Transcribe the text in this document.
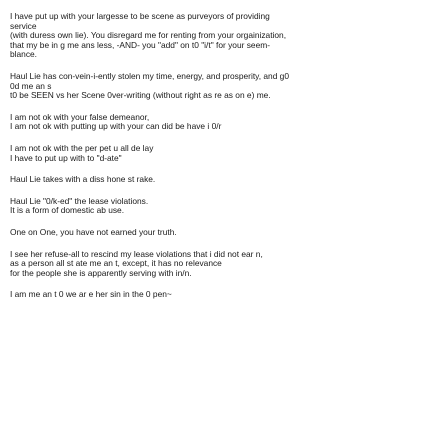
I have put up with your largesse to be scene as purveyors of providing
service
(with duress own lie). You disregard me for renting from your orgainization,
that my be in g me ans less, -AND- you "add" on t0 "i/t" for your seem-
blance.
Haul Lie has con-vein-i-ently stolen my time, energy, and prosperity, and g0
0d me an s
t0 be SEEN vs her Scene 0ver-writing (without right as re as on e) me.
I am not ok with your false demeanor,
I am not ok with putting up with your can did be have i 0/r
I am not ok with the per pet u all de lay
I have to put up with to "d-ate"
Haul Lie takes with a diss hone st rake.
Haul Lie "0/k-ed" the lease violations.
It is a form of domestic ab use.
One on One, you have not earned your truth.
I see her refuse-all to rescind my lease violations that i did not ear n,
as a person all st ate me an t, except, it has no relevance
for the people she is apparently serving with in/n.
I am me an t 0 we ar e her sin in the 0 pen~
